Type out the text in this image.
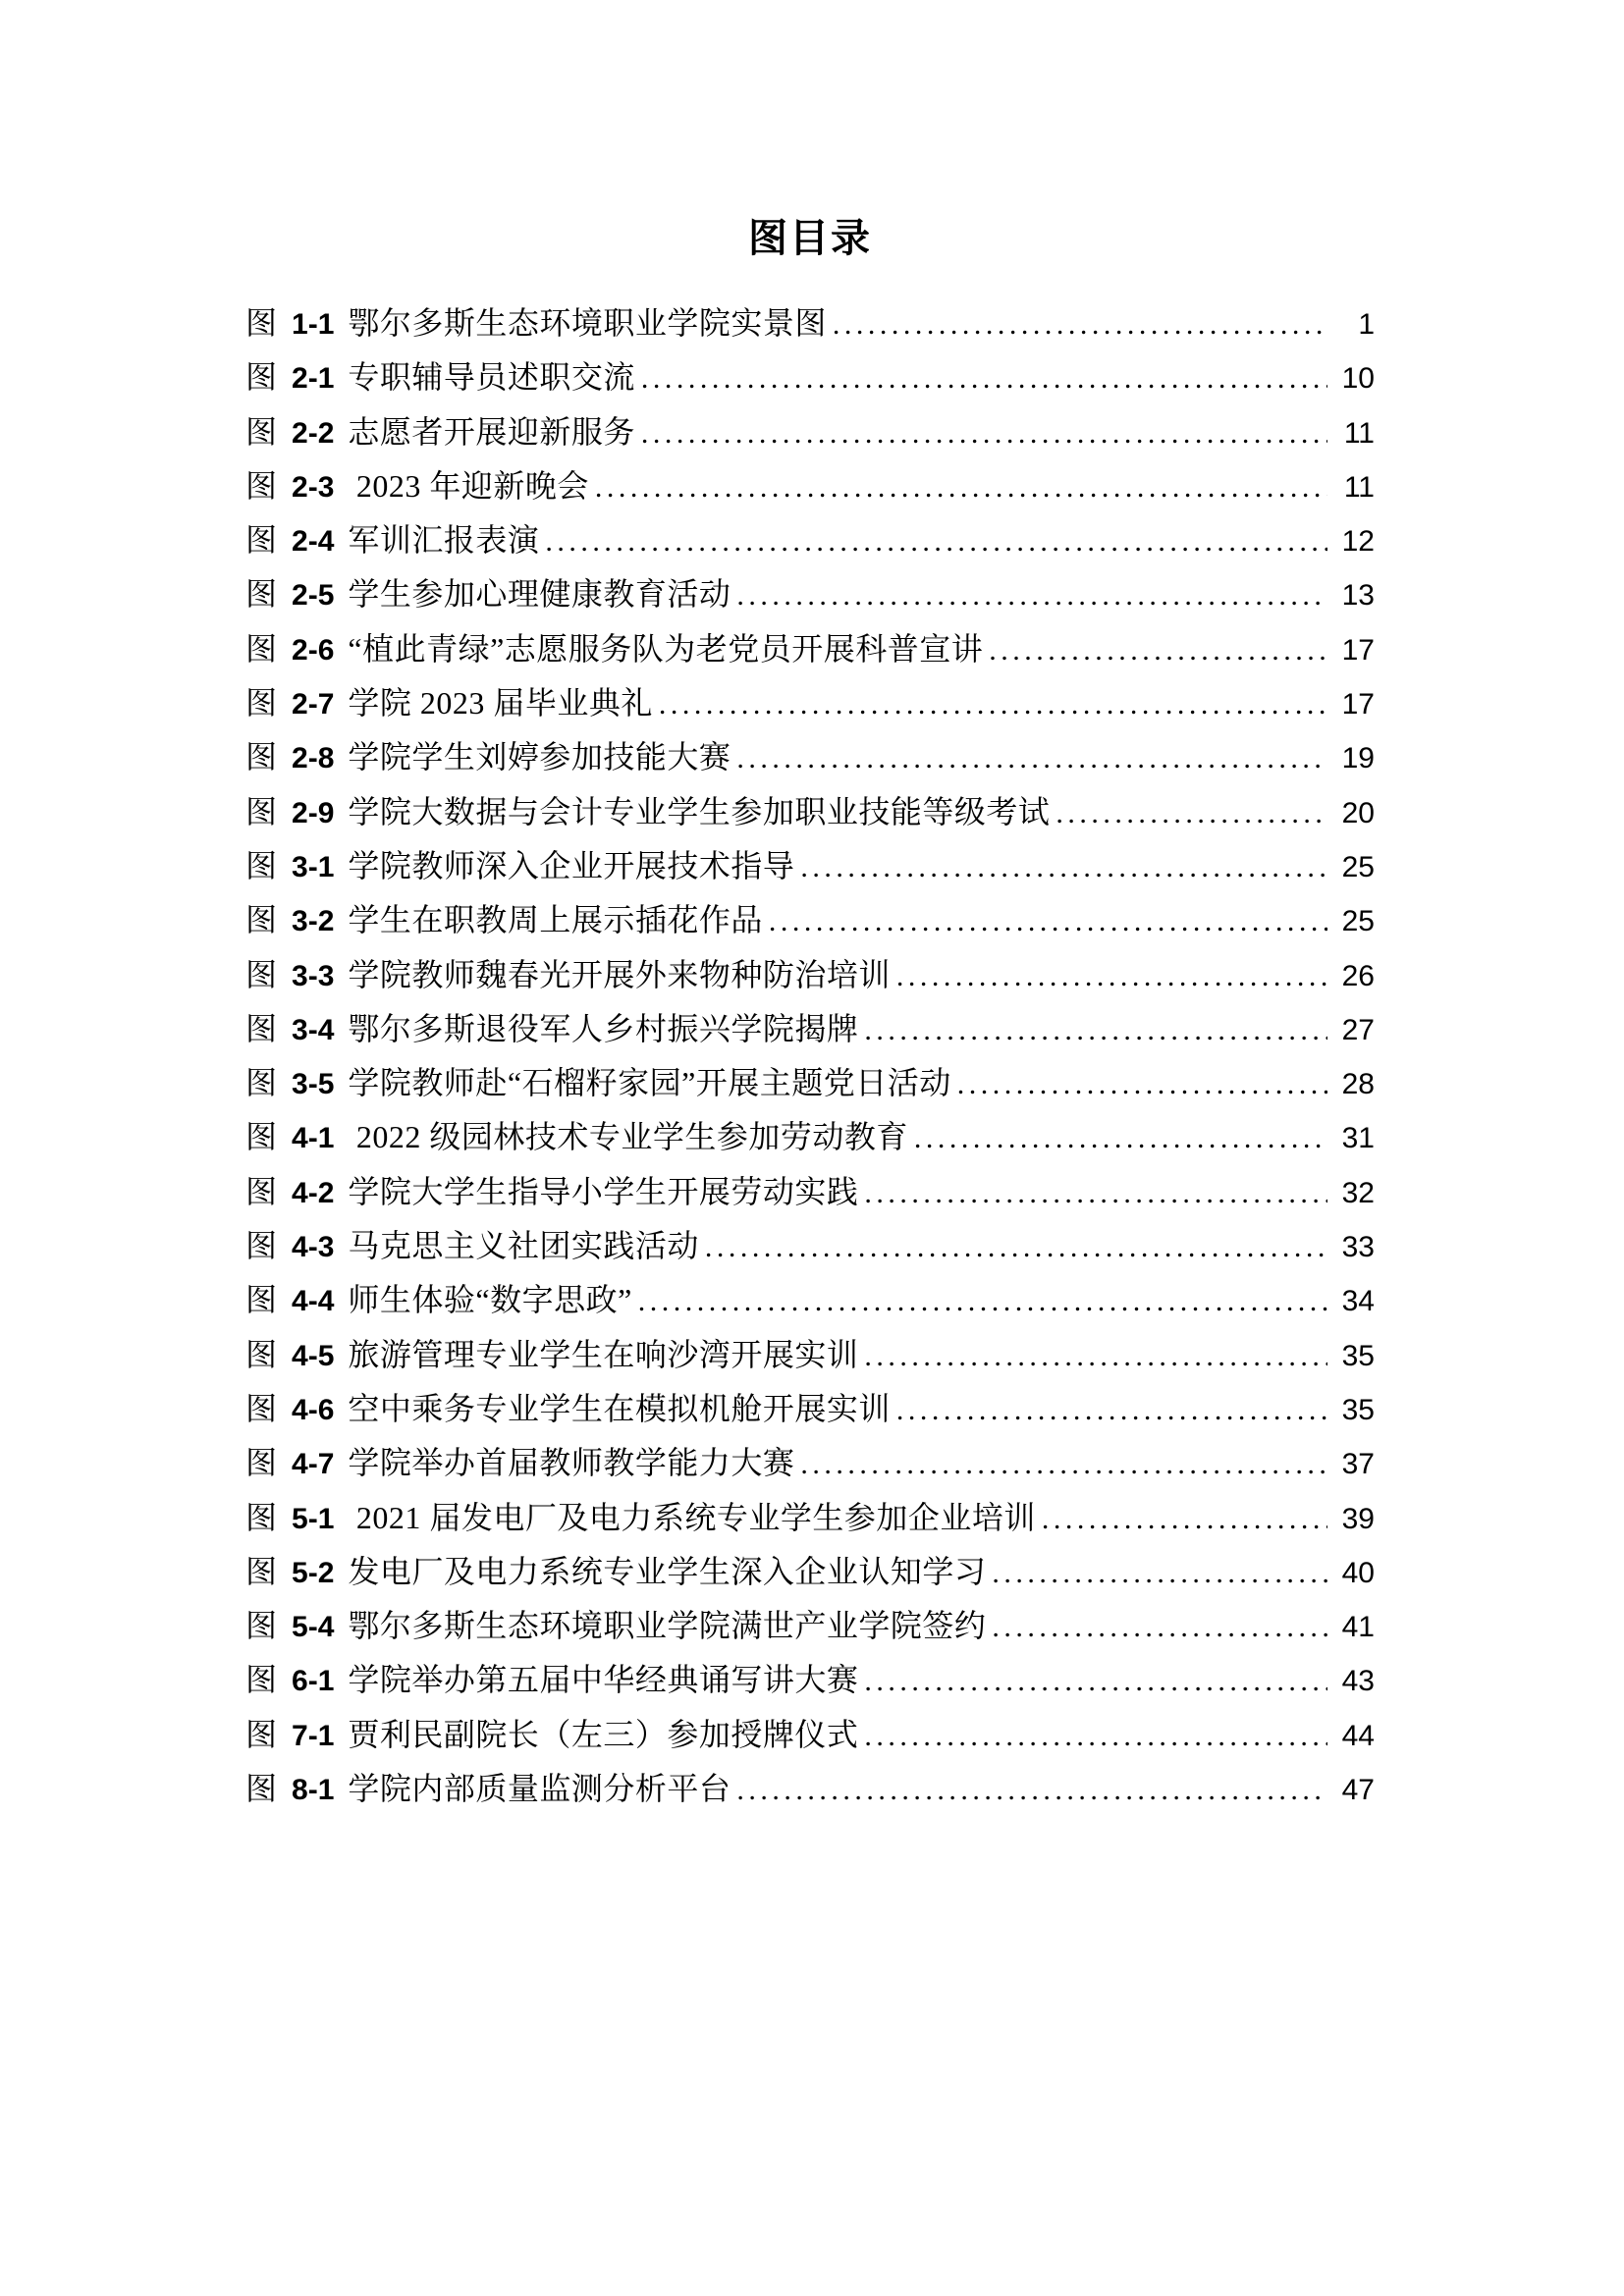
图目录
图 1-1 鄂尔多斯生态环境职业学院实景图 .....	1
图 2-1 专职辅导员述职交流 .....	10
图 2-2 志愿者开展迎新服务 .....	11
图 2-3 2023 年迎新晚会 .....	11
图 2-4 军训汇报表演 .....	12
图 2-5 学生参加心理健康教育活动 .....	13
图 2-6 “植此青绿”志愿服务队为老党员开展科普宣讲 .....	17
图 2-7 学院 2023 届毕业典礼 .....	17
图 2-8 学院学生刘婷参加技能大赛 .....	19
图 2-9 学院大数据与会计专业学生参加职业技能等级考试 .....	20
图 3-1 学院教师深入企业开展技术指导 .....	25
图 3-2 学生在职教周上展示插花作品 .....	25
图 3-3 学院教师魏春光开展外来物种防治培训 .....	26
图 3-4 鄂尔多斯退役军人乡村振兴学院揭牌 .....	27
图 3-5 学院教师赴“石榴籽家园”开展主题党日活动 .....	28
图 4-1 2022 级园林技术专业学生参加劳动教育 .....	31
图 4-2 学院大学生指导小学生开展劳动实践 .....	32
图 4-3 马克思主义社团实践活动 .....	33
图 4-4 师生体验“数字思政” .....	34
图 4-5 旅游管理专业学生在响沙湾开展实训 .....	35
图 4-6 空中乘务专业学生在模拟机舱开展实训 .....	35
图 4-7 学院举办首届教师教学能力大赛 .....	37
图 5-1 2021 届发电厂及电力系统专业学生参加企业培训 .....	39
图 5-2 发电厂及电力系统专业学生深入企业认知学习 .....	40
图 5-4 鄂尔多斯生态环境职业学院满世产业学院签约 .....	41
图 6-1 学院举办第五届中华经典诵写讲大赛 .....	43
图 7-1 贾利民副院长（左三）参加授牌仪式 .....	44
图 8-1 学院内部质量监测分析平台 .....	47
